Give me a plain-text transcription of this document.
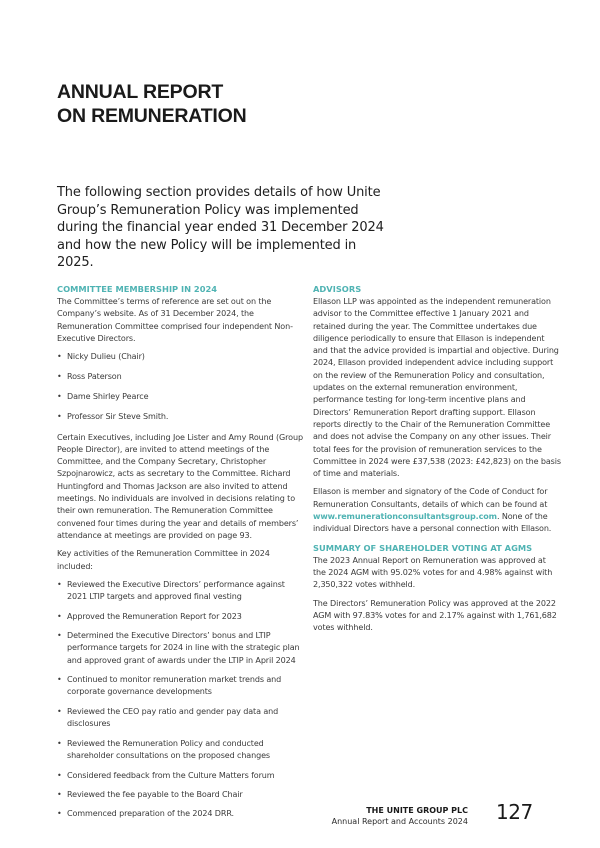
ANNUAL REPORT
ON REMUNERATION

The following section provides details of how Unite Group’s Remuneration Policy was implemented during the financial year ended 31 December 2024 and how the new Policy will be implemented in 2025.

COMMITTEE MEMBERSHIP IN 2024

The Committee’s terms of reference are set out on the Company’s website. As of 31 December 2024, the Remuneration Committee comprised four independent Non-Executive Directors.

• Nicky Dulieu (Chair)
• Ross Paterson
• Dame Shirley Pearce
• Professor Sir Steve Smith.

Certain Executives, including Joe Lister and Amy Round (Group People Director), are invited to attend meetings of the Committee, and the Company Secretary, Christopher Szpojnarowicz, acts as secretary to the Committee. Richard Huntingford and Thomas Jackson are also invited to attend meetings. No individuals are involved in decisions relating to their own remuneration. The Remuneration Committee convened four times during the year and details of members’ attendance at meetings are provided on page 93.

Key activities of the Remuneration Committee in 2024 included:

• Reviewed the Executive Directors’ performance against 2021 LTIP targets and approved final vesting
• Approved the Remuneration Report for 2023
• Determined the Executive Directors’ bonus and LTIP performance targets for 2024 in line with the strategic plan and approved grant of awards under the LTIP in April 2024
• Continued to monitor remuneration market trends and corporate governance developments
• Reviewed the CEO pay ratio and gender pay data and disclosures
• Reviewed the Remuneration Policy and conducted shareholder consultations on the proposed changes
• Considered feedback from the Culture Matters forum
• Reviewed the fee payable to the Board Chair
• Commenced preparation of the 2024 DRR.
ADVISORS

Ellason LLP was appointed as the independent remuneration advisor to the Committee effective 1 January 2021 and retained during the year. The Committee undertakes due diligence periodically to ensure that Ellason is independent and that the advice provided is impartial and objective. During 2024, Ellason provided independent advice including support on the review of the Remuneration Policy and consultation, updates on the external remuneration environment, performance testing for long-term incentive plans and Directors’ Remuneration Report drafting support. Ellason reports directly to the Chair of the Remuneration Committee and does not advise the Company on any other issues. Their total fees for the provision of remuneration services to the Committee in 2024 were £37,538 (2023: £42,823) on the basis of time and materials.

Ellason is member and signatory of the Code of Conduct for Remuneration Consultants, details of which can be found at www.remunerationconsultantsgroup.com. None of the individual Directors have a personal connection with Ellason.

SUMMARY OF SHAREHOLDER VOTING AT AGMS

The 2023 Annual Report on Remuneration was approved at the 2024 AGM with 95.02% votes for and 4.98% against with 2,350,322 votes withheld.

The Directors’ Remuneration Policy was approved at the 2022 AGM with 97.83% votes for and 2.17% against with 1,761,682 votes withheld.

THE UNITE GROUP PLC
Annual Report and Accounts 2024 127
